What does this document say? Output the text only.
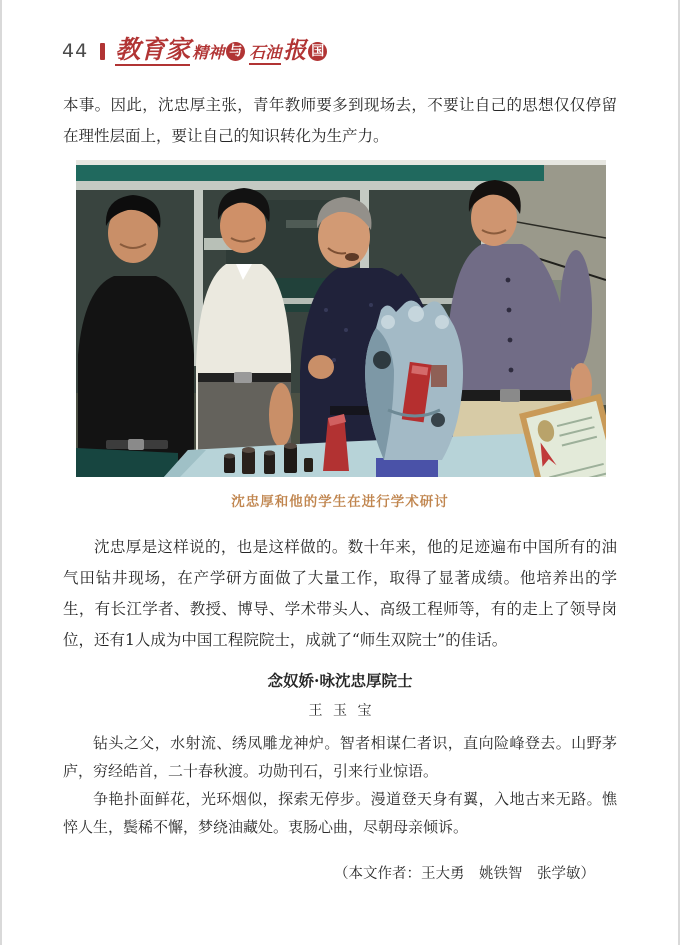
44 教育家 精神 与 石油 报 国

本事。因此，沈忠厚主张，青年教师要多到现场去，不要让自己的思想仅仅停留在理性层面上，要让自己的知识转化为生产力。

沈忠厚和他的学生在进行学术研讨

沈忠厚是这样说的，也是这样做的。数十年来，他的足迹遍布中国所有的油气田钻井现场，在产学研方面做了大量工作，取得了显著成绩。他培养出的学生，有长江学者、教授、博导、学术带头人、高级工程师等，有的走上了领导岗位，还有1人成为中国工程院院士，成就了“师生双院士”的佳话。

念奴娇·咏沈忠厚院士
王玉宝

钻头之父，水射流、绣凤雕龙神炉。智者相谋仁者识，直向险峰登去。山野茅庐，穷经皓首，二十春秋渡。功勋刊石，引来行业惊语。

争艳扑面鲜花，光环烟似，探索无停步。漫道登天身有翼，入地古来无路。憔悴人生，鬓稀不懈，梦绕油藏处。衷肠心曲，尽朝母亲倾诉。

（本文作者：王大勇　姚铁智　张学敏）
